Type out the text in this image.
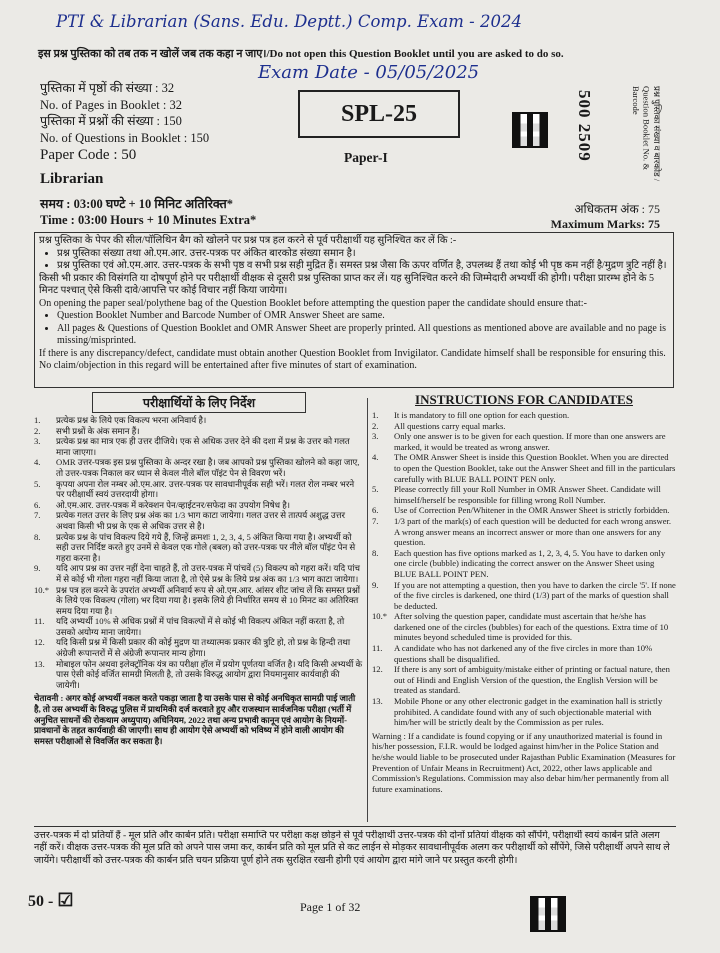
PTI & Librarian (Sans. Edu. Deptt.) Comp. Exam - 2024
Exam Date - 05/05/2025
इस प्रश्न पुस्तिका को तब तक न खोलें जब तक कहा न जाए।/Do not open this Question Booklet until you are asked to do so.
पुस्तिका में पृष्ठों की संख्या : 32
No. of Pages in Booklet : 32
पुस्तिका में प्रश्नों की संख्या : 150
No. of Questions in Booklet : 150
Paper Code : 50
Librarian
SPL-25
Paper-I	500 2509	प्रश्न पुस्तिका संख्या व बारकोड / Question Booklet No. & Barcode
समय : 03:00 घण्टे + 10 मिनिट अतिरिक्त*
Time : 03:00 Hours + 10 Minutes Extra*
अधिकतम अंक : 75
Maximum Marks: 75
प्रश्न पुस्तिका के पेपर की सील/पॉलिथिन बैग को खोलने पर प्रश्न पत्र हल करने से पूर्व परीक्षार्थी यह सुनिश्चित कर लें कि :-
• प्रश्न पुस्तिका संख्या तथा ओ.एम.आर. उत्तर-पत्रक पर अंकित बारकोड संख्या समान है।
• प्रश्न पुस्तिका एवं ओ.एम.आर. उत्तर-पत्रक के सभी पृष्ठ व सभी प्रश्न सही मुद्रित हैं। समस्त प्रश्न जैसा कि ऊपर वर्णित है, उपलब्ध हैं तथा कोई भी पृष्ठ कम नहीं है/मुद्रण त्रुटि नहीं है।
किसी भी प्रकार की विसंगति या दोषपूर्ण होने पर परीक्षार्थी वीक्षक से दूसरी प्रश्न पुस्तिका प्राप्त कर लें। यह सुनिश्चित करने की जिम्मेदारी अभ्यर्थी की होगी। परीक्षा प्रारम्भ होने के 5 मिनट पश्चात् ऐसे किसी दावे/आपत्ति पर कोई विचार नहीं किया जायेगा।
On opening the paper seal/polythene bag of the Question Booklet before attempting the question paper the candidate should ensure that:-
• Question Booklet Number and Barcode Number of OMR Answer Sheet are same.
• All pages & Questions of Question Booklet and OMR Answer Sheet are properly printed. All questions as mentioned above are available and no page is missing/misprinted.
If there is any discrepancy/defect, candidate must obtain another Question Booklet from Invigilator. Candidate himself shall be responsible for ensuring this. No claim/objection in this regard will be entertained after five minutes of start of examination.
परीक्षार्थियों के लिए निर्देश
1. प्रत्येक प्रश्न के लिये एक विकल्प भरना अनिवार्य है।
2. सभी प्रश्नों के अंक समान हैं।
3. प्रत्येक प्रश्न का मात्र एक ही उत्तर दीजिये। एक से अधिक उत्तर देने की दशा में प्रश्न के उत्तर को गलत माना जाएगा।
4. OMR उत्तर-पत्रक इस प्रश्न पुस्तिका के अन्दर रखा है। जब आपको प्रश्न पुस्तिका खोलने को कहा जाए, तो उत्तर-पत्रक निकाल कर ध्यान से केवल नीले बॉल पॉइंट पेन से विवरण भरें।
5. कृपया अपना रोल नम्बर ओ.एम.आर. उत्तर-पत्रक पर सावधानीपूर्वक सही भरें। गलत रोल नम्बर भरने पर परीक्षार्थी स्वयं उत्तरदायी होगा।
6. ओ.एम.आर. उत्तर-पत्रक में करेक्शन पेन/व्हाईटनर/सफेदा का उपयोग निषेध है।
7. प्रत्येक गलत उत्तर के लिए प्रश्न अंक का 1/3 भाग काटा जायेगा। गलत उत्तर से तात्पर्य अशुद्ध उत्तर अथवा किसी भी प्रश्न के एक से अधिक उत्तर से है।
8. प्रत्येक प्रश्न के पांच विकल्प दिये गये हैं, जिन्हें क्रमशः 1, 2, 3, 4, 5 अंकित किया गया है। अभ्यर्थी को सही उत्तर निर्दिष्ट करते हुए उनमें से केवल एक गोले (बबल) को उत्तर-पत्रक पर नीले बॉल पॉइंट पेन से गहरा करना है।
9. यदि आप प्रश्न का उत्तर नहीं देना चाहते हैं, तो उत्तर-पत्रक में पांचवें (5) विकल्प को गहरा करें। यदि पांच में से कोई भी गोला गहरा नहीं किया जाता है, तो ऐसे प्रश्न के लिये प्रश्न अंक का 1/3 भाग काटा जायेगा।
10.* प्रश्न पत्र हल करने के उपरांत अभ्यर्थी अनिवार्य रूप से ओ.एम.आर. आंसर शीट जांच लें कि समस्त प्रश्नों के लिये एक विकल्प (गोला) भर दिया गया है। इसके लिये ही निर्धारित समय से 10 मिनट का अतिरिक्त समय दिया गया है।
11. यदि अभ्यर्थी 10% से अधिक प्रश्नों में पांच विकल्पों में से कोई भी विकल्प अंकित नहीं करता है, तो उसको अयोग्य माना जायेगा।
12. यदि किसी प्रश्न में किसी प्रकार की कोई मुद्रण या तथ्यात्मक प्रकार की त्रुटि हो, तो प्रश्न के हिन्दी तथा अंग्रेजी रूपान्तरों में से अंग्रेजी रूपान्तर मान्य होगा।
13. मोबाइल फोन अथवा इलेक्ट्रॉनिक यंत्र का परीक्षा हॉल में प्रयोग पूर्णतया वर्जित है। यदि किसी अभ्यर्थी के पास ऐसी कोई वर्जित सामग्री मिलती है, तो उसके विरुद्ध आयोग द्वारा नियमानुसार कार्यवाही की जायेगी।
चेतावनी : अगर कोई अभ्यर्थी नकल करते पकड़ा जाता है या उसके पास से कोई अनधिकृत सामग्री पाई जाती है, तो उस अभ्यर्थी के विरुद्ध पुलिस में प्राथमिकी दर्ज करवाते हुए और राजस्थान सार्वजनिक परीक्षा (भर्ती में अनुचित साधनों की रोकथाम अध्युपाय) अधिनियम, 2022 तथा अन्य प्रभावी कानून एवं आयोग के नियमों-प्रावधानों के तहत कार्यवाही की जाएगी। साथ ही आयोग ऐसे अभ्यर्थी को भविष्य में होने वाली आयोग की समस्त परीक्षाओं से विवर्जित कर सकता है।
INSTRUCTIONS FOR CANDIDATES
1. It is mandatory to fill one option for each question.
2. All questions carry equal marks.
3. Only one answer is to be given for each question. If more than one answers are marked, it would be treated as wrong answer.
4. The OMR Answer Sheet is inside this Question Booklet. When you are directed to open the Question Booklet, take out the Answer Sheet and fill in the particulars carefully with BLUE BALL POINT PEN only.
5. Please correctly fill your Roll Number in OMR Answer Sheet. Candidate will himself/herself be responsible for filling wrong Roll Number.
6. Use of Correction Pen/Whitener in the OMR Answer Sheet is strictly forbidden.
7. 1/3 part of the mark(s) of each question will be deducted for each wrong answer. A wrong answer means an incorrect answer or more than one answers for any question.
8. Each question has five options marked as 1, 2, 3, 4, 5. You have to darken only one circle (bubble) indicating the correct answer on the Answer Sheet using BLUE BALL POINT PEN.
9. If you are not attempting a question, then you have to darken the circle '5'. If none of the five circles is darkened, one third (1/3) part of the marks of question shall be deducted.
10.* After solving the question paper, candidate must ascertain that he/she has darkened one of the circles (bubbles) for each of the questions. Extra time of 10 minutes beyond scheduled time is provided for this.
11. A candidate who has not darkened any of the five circles in more than 10% questions shall be disqualified.
12. If there is any sort of ambiguity/mistake either of printing or factual nature, then out of Hindi and English Version of the question, the English Version will be treated as standard.
13. Mobile Phone or any other electronic gadget in the examination hall is strictly prohibited. A candidate found with any of such objectionable material with him/her will be strictly dealt by the Commission as per rules.
Warning : If a candidate is found copying or if any unauthorized material is found in his/her possession, F.I.R. would be lodged against him/her in the Police Station and he/she would liable to be prosecuted under Rajasthan Public Examination (Measures for Prevention of Unfair Means in Recruitment) Act, 2022, other laws applicable and Commission's Regulations. Commission may also debar him/her permanently from all future examinations.
उत्तर-पत्रक में दो प्रतियाँ हैं - मूल प्रति और कार्बन प्रति। परीक्षा समाप्ति पर परीक्षा कक्ष छोड़ने से पूर्व परीक्षार्थी उत्तर-पत्रक की दोनों प्रतियां वीक्षक को सौंपेंगे, परीक्षार्थी स्वयं कार्बन प्रति अलग नहीं करें। वीक्षक उत्तर-पत्रक की मूल प्रति को अपने पास जमा कर, कार्बन प्रति को मूल प्रति से कट लाईन से मोड़कर सावधानीपूर्वक अलग कर परीक्षार्थी को सौंपेंगे, जिसे परीक्षार्थी अपने साथ ले जायेंगे। परीक्षार्थी को उत्तर-पत्रक की कार्बन प्रति चयन प्रक्रिया पूर्ण होने तक सुरक्षित रखनी होगी एवं आयोग द्वारा मांगे जाने पर प्रस्तुत करनी होगी।
50 - ☑	Page 1 of 32
